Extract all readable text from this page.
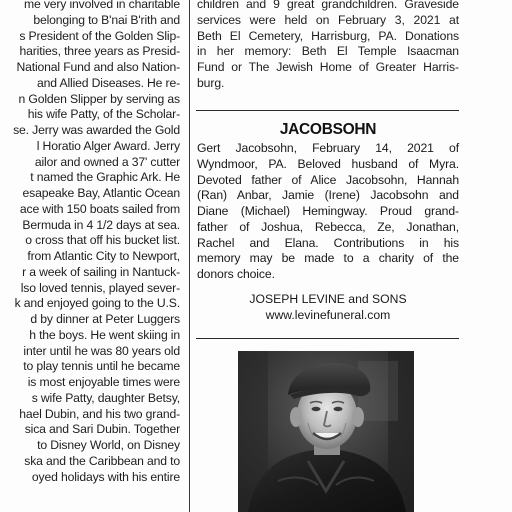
me very involved in charitable
belonging to B'nai B'rith and
s President of the Golden Slip-
harities, three years as Presid-
National Fund and also Nation-
and Allied Diseases. He re-
n Golden Slipper by serving as
his wife Patty, of the Scholar-
se. Jerry was awarded the Gold
l Horatio Alger Award. Jerry
ailor and owned a 37' cutter
t named the Graphic Ark. He
esapeake Bay, Atlantic Ocean
ace with 150 boats sailed from
Bermuda in 4 1/2 days at sea.
o cross that off his bucket list.
from Atlantic City to Newport,
r a week of sailing in Nantuck-
lso loved tennis, played sever-
k and enjoyed going to the U.S.
d by dinner at Peter Luggers
h the boys. He went skiing in
inter until he was 80 years old
to play tennis until he became
is most enjoyable times were
s wife Patty, daughter Betsy,
hael Dubin, and his two grand-
sica and Sari Dubin. Together
to Disney World, on Disney
ska and the Caribbean and to
oyed holidays with his entire
children and 9 great grandchildren. Graveside
services were held on February 3, 2021 at
Beth El Cemetery, Harrisburg, PA. Donations
in her memory: Beth El Temple Isaacman
Fund or The Jewish Home of Greater Harris-
burg.
JACOBSOHN
Gert Jacobsohn, February 14, 2021 of
Wyndmoor, PA. Beloved husband of Myra.
Devoted father of Alice Jacobsohn, Hannah
(Ran) Anbar, Jamie (Irene) Jacobsohn and
Diane (Michael) Hemingway. Proud grand-
father of Joshua, Rebecca, Ze, Jonathan,
Rachel and Elana. Contributions in his
memory may be made to a charity of the
donors choice.
JOSEPH LEVINE and SONS
www.levinefuneral.com
